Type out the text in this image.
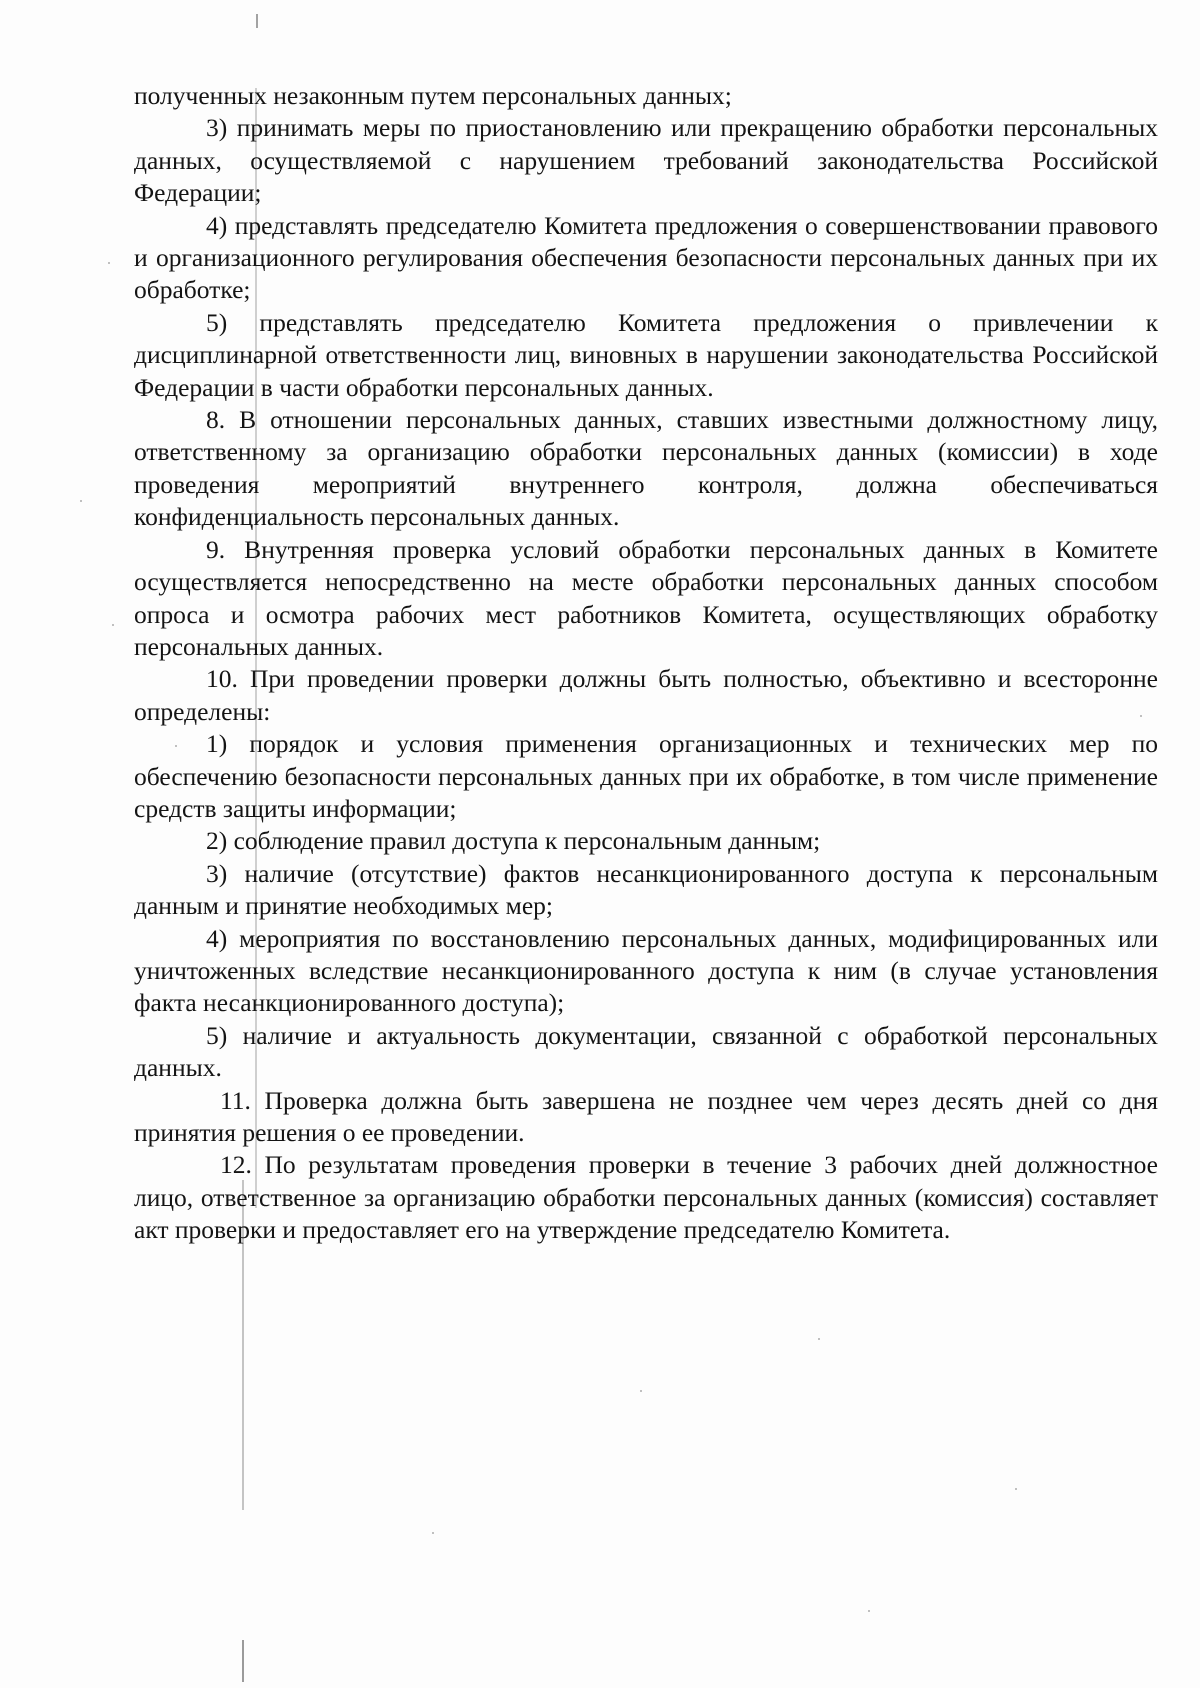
полученных незаконным путем персональных данных;

3) принимать меры по приостановлению или прекращению обработки персональных данных, осуществляемой с нарушением требований законодательства Российской Федерации;

4) представлять председателю Комитета предложения о совершенствовании правового и организационного регулирования обеспечения безопасности персональных данных при их обработке;

5) представлять председателю Комитета предложения о привлечении к дисциплинарной ответственности лиц, виновных в нарушении законодательства Российской Федерации в части обработки персональных данных.

8. В отношении персональных данных, ставших известными должностному лицу, ответственному за организацию обработки персональных данных (комиссии) в ходе проведения мероприятий внутреннего контроля, должна обеспечиваться конфиденциальность персональных данных.

9. Внутренняя проверка условий обработки персональных данных в Комитете осуществляется непосредственно на месте обработки персональных данных способом опроса и осмотра рабочих мест работников Комитета, осуществляющих обработку персональных данных.

10. При проведении проверки должны быть полностью, объективно и всесторонне определены:

1) порядок и условия применения организационных и технических мер по обеспечению безопасности персональных данных при их обработке, в том числе применение средств защиты информации;

2) соблюдение правил доступа к персональным данным;

3) наличие (отсутствие) фактов несанкционированного доступа к персональным данным и принятие необходимых мер;

4) мероприятия по восстановлению персональных данных, модифицированных или уничтоженных вследствие несанкционированного доступа к ним (в случае установления факта несанкционированного доступа);

5) наличие и актуальность документации, связанной с обработкой персональных данных.

11. Проверка должна быть завершена не позднее чем через десять дней со дня принятия решения о ее проведении.

12. По результатам проведения проверки в течение 3 рабочих дней должностное лицо, ответственное за организацию обработки персональных данных (комиссия) составляет акт проверки и предоставляет его на утверждение председателю Комитета.
